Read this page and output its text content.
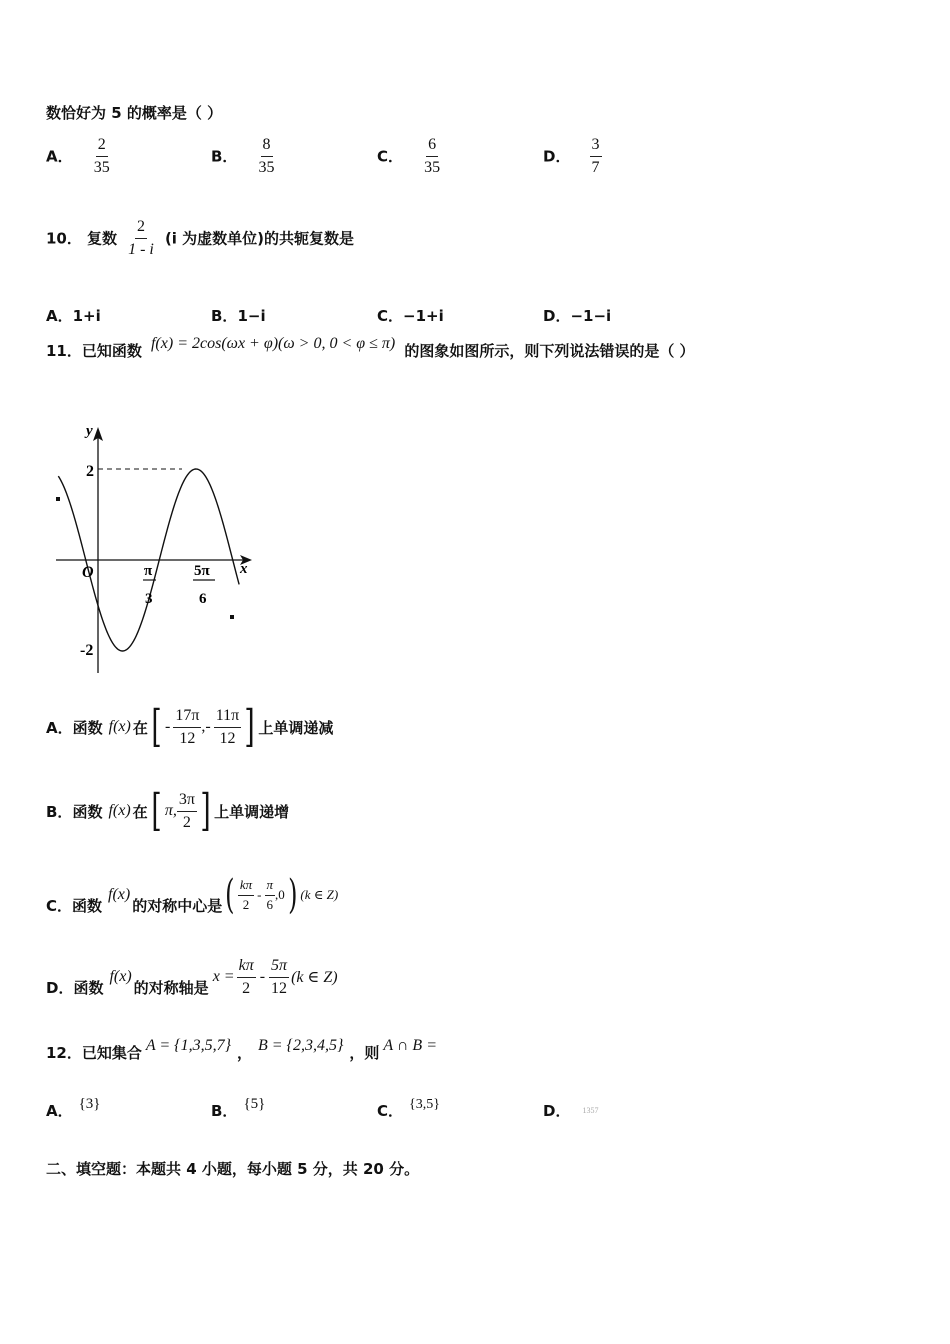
数恰好为 5 的概率是（ ）
A． $\frac{2}{35}$	B． $\frac{8}{35}$	C． $\frac{6}{35}$	D． $\frac{3}{7}$
10． 复数 $\frac{2}{1 - i} (i$ 为虚数单位)的共轭复数是
A．1+i	B．1−i	C．−1+i	D．−1−i
11．已知函数 f(x) = 2cos(ωx + φ)(ω > 0, 0 < φ ≤ π) 的图象如图所示，则下列说法错误的是（ ）
y
x
O
2
-2
π
3
5π
6
A． 函数 f(x) 在 [ - $\frac{17\pi}{12}$ , - $\frac{11\pi}{12}$ ] 上单调递减
B． 函数 f(x) 在 [ π, $\frac{3\pi}{2}$ ] 上单调递增
C． 函数
f(x)
的对称中心是 ( $\frac{k\pi}{2} - \frac{\pi}{6} ,0$ ) (k ∈ Z)
D． 函数
f(x)
的对称轴是
$x = \frac{k\pi}{2} - \frac{5\pi}{12} (k$ ∈ Z)
12． 已知集合 A = {1,3,5,7} ， B = {2,3,4,5} ，则 A ∩ B =
A． {3}	B． {5}	C． {3,5}	D． 1357
二、填空题：本题共 4 小题，每小题 5 分，共 20 分。
